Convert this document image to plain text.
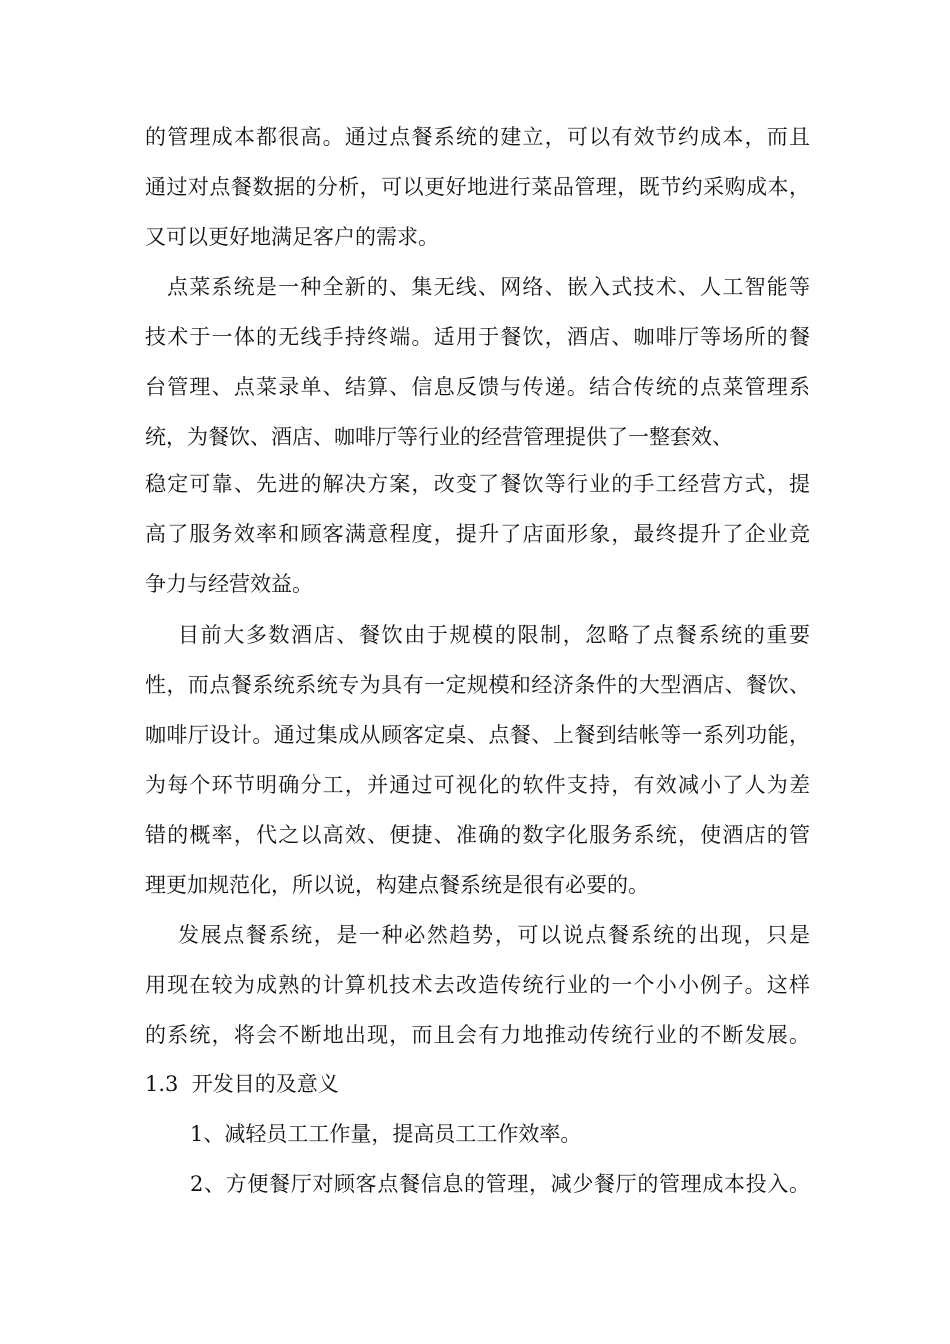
的管理成本都很高。通过点餐系统的建立，可以有效节约成本，而且
通过对点餐数据的分析，可以更好地进行菜品管理，既节约采购成本，
又可以更好地满足客户的需求。
点菜系统是一种全新的、集无线、网络、嵌入式技术、人工智能等
技术于一体的无线手持终端。适用于餐饮，酒店、咖啡厅等场所的餐
台管理、点菜录单、结算、信息反馈与传递。结合传统的点菜管理系
统，为餐饮、酒店、咖啡厅等行业的经营管理提供了一整套效、
稳定可靠、先进的解决方案，改变了餐饮等行业的手工经营方式，提
高了服务效率和顾客满意程度，提升了店面形象，最终提升了企业竞
争力与经营效益。
目前大多数酒店、餐饮由于规模的限制，忽略了点餐系统的重要
性，而点餐系统系统专为具有一定规模和经济条件的大型酒店、餐饮、
咖啡厅设计。通过集成从顾客定桌、点餐、上餐到结帐等一系列功能，
为每个环节明确分工，并通过可视化的软件支持，有效减小了人为差
错的概率，代之以高效、便捷、准确的数字化服务系统，使酒店的管
理更加规范化，所以说，构建点餐系统是很有必要的。
发展点餐系统，是一种必然趋势，可以说点餐系统的出现，只是
用现在较为成熟的计算机技术去改造传统行业的一个小小例子。这样
的系统，将会不断地出现，而且会有力地推动传统行业的不断发展。
1.3  开发目的及意义
1、减轻员工工作量，提高员工工作效率。
2、方便餐厅对顾客点餐信息的管理，减少餐厅的管理成本投入。
